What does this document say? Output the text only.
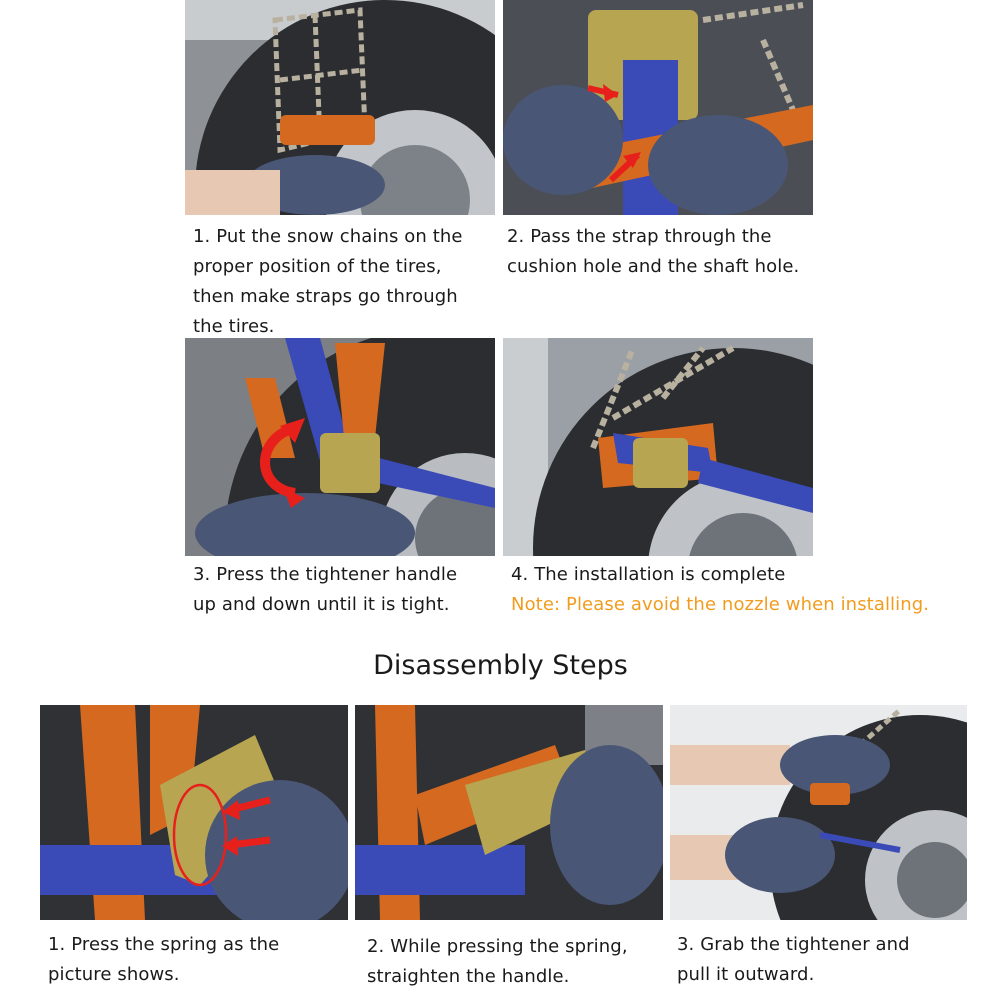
1. Put the snow chains on the
proper position of the tires,
then make straps go through
the tires.
2. Pass the strap through the
cushion hole and the shaft hole.
3. Press the tightener handle
up and down until it is tight.
4. The installation is complete
Note: Please avoid the nozzle when installing.
Disassembly Steps
1. Press the spring as the
picture shows.
2. While pressing the spring,
straighten the handle.
3. Grab the tightener and
pull it outward.
